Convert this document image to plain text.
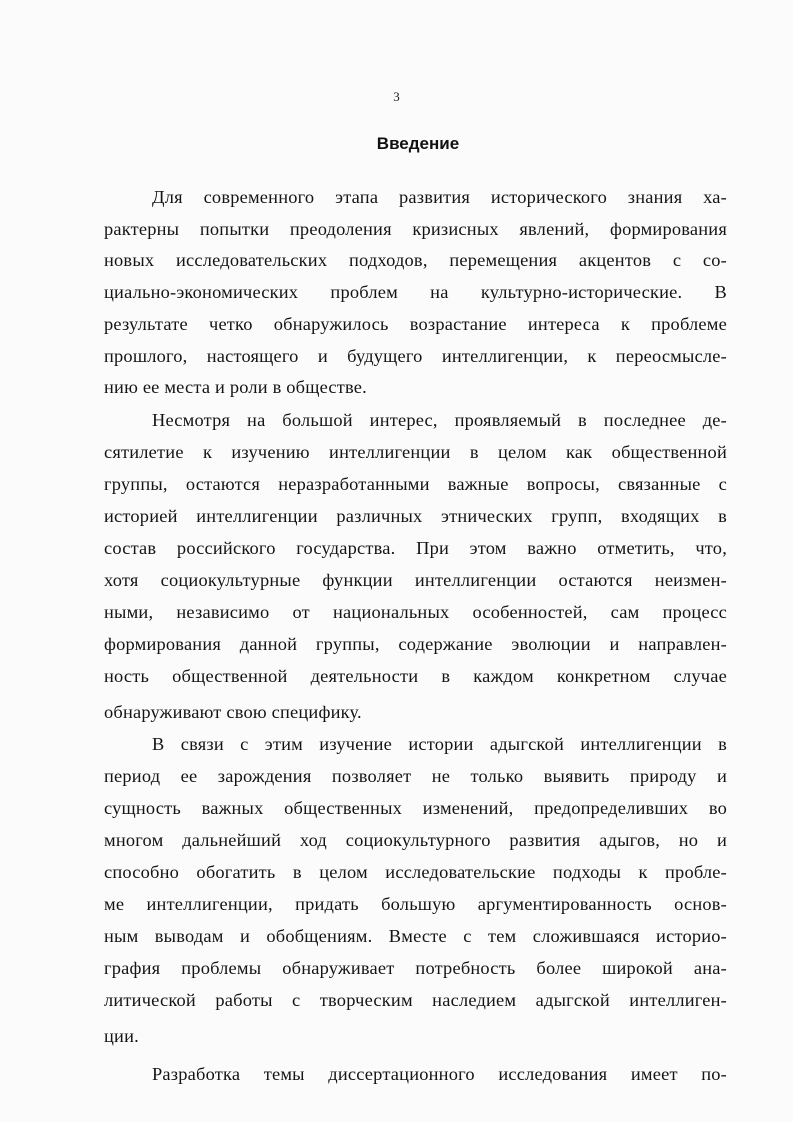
3
Введение

Для современного этапа развития исторического знания ха-

рактерны попытки преодоления кризисных явлений, формирования

новых исследовательских подходов, перемещения акцентов с со-

циально-экономических проблем на культурно-исторические. В

результате четко обнаружилось возрастание интереса к проблеме

прошлого, настоящего и будущего интеллигенции, к переосмысле-

нию ее места и роли в обществе.

Несмотря на большой интерес, проявляемый в последнее де-

сятилетие к изучению интеллигенции в целом как общественной

группы, остаются неразработанными важные вопросы, связанные с

историей интеллигенции различных этнических групп, входящих в

состав российского государства. При этом важно отметить, что,

хотя социокультурные функции интеллигенции остаются неизмен-

ными, независимо от национальных особенностей, сам процесс

формирования данной группы, содержание эволюции и направлен-

ность общественной деятельности в каждом конкретном случае

обнаруживают свою специфику.

В связи с этим изучение истории адыгской интеллигенции в

период ее зарождения позволяет не только выявить природу и

сущность важных общественных изменений, предопределивших во

многом дальнейший ход социокультурного развития адыгов, но и

способно обогатить в целом исследовательские подходы к пробле-

ме интеллигенции, придать большую аргументированность основ-

ным выводам и обобщениям. Вместе с тем сложившаяся историо-

графия проблемы обнаруживает потребность более широкой ана-

литической работы с творческим наследием адыгской интеллиген-

ции.

Разработка темы диссертационного исследования имеет по-
